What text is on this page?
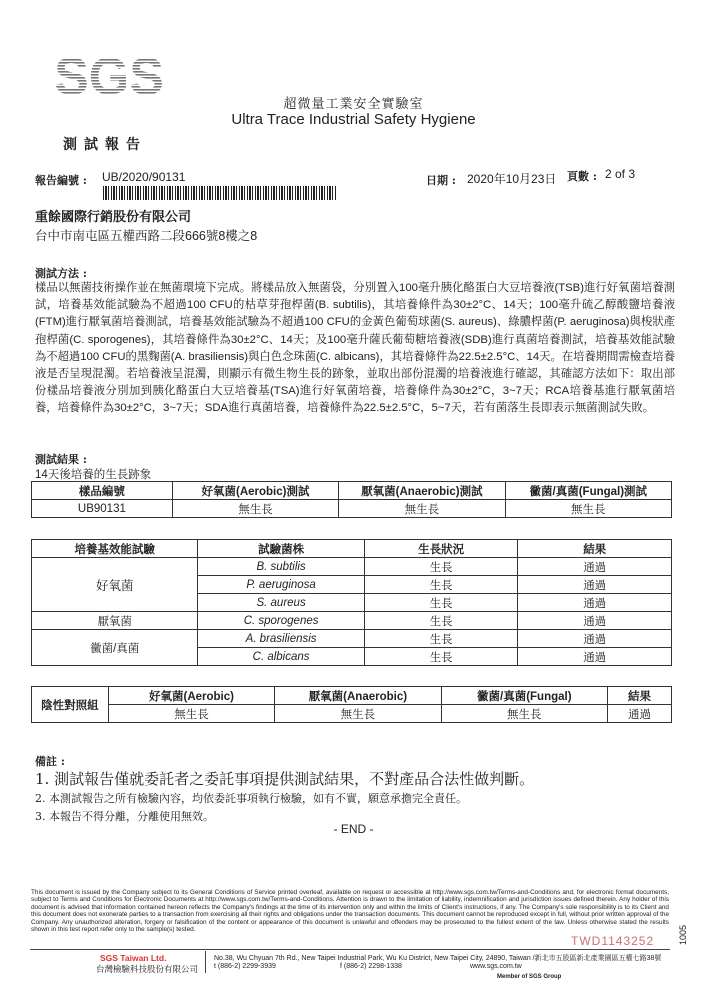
SGS	超微量工業安全實驗室
Ultra Trace Industrial Safety Hygiene
測試報告
報告編號 : UB/2020/90131	日期 : 2020年10月23日 頁數 : 2 of 3
重餘國際行銷股份有限公司
台中市南屯區五權西路二段666號8樓之8
測試方法 :
樣品以無菌技術操作並在無菌環境下完成。將樣品放入無菌袋，分別置入100毫升胰化酪蛋白大豆培養液(TSB)進行好氧菌培養測試，培養基效能試驗為不超過100 CFU的枯草芽孢桿菌(B. subtilis)，其培養條件為30±2°C、14天；100毫升硫乙醇酸鹽培養液(FTM)進行厭氧菌培養測試，培養基效能試驗為不超過100 CFU的金黃色葡萄球菌(S. aureus)、綠膿桿菌(P. aeruginosa)與梭狀產孢桿菌(C. sporogenes)，其培養條件為30±2°C、14天；及100毫升薩氏葡萄糖培養液(SDB)進行真菌培養測試，培養基效能試驗為不超過100 CFU的黑麴菌(A. brasiliensis)與白色念珠菌(C. albicans)，其培養條件為22.5±2.5°C、14天。在培養期間需檢查培養液是否呈現混濁。若培養液呈混濁，則顯示有微生物生長的跡象，並取出部份混濁的培養液進行確認，其確認方法如下：取出部份樣品培養液分別加到胰化酪蛋白大豆培養基(TSA)進行好氧菌培養，培養條件為30±2°C，3~7天；RCA培養基進行厭氧菌培養，培養條件為30±2°C，3~7天；SDA進行真菌培養，培養條件為22.5±2.5°C，5~7天，若有菌落生長即表示無菌測試失敗。
測試結果 :
14天後培養的生長跡象
樣品編號	好氧菌(Aerobic)測試	厭氧菌(Anaerobic)測試	黴菌/真菌(Fungal)測試
UB90131	無生長	無生長	無生長
培養基效能試驗	試驗菌株	生長狀況	結果
好氧菌	B. subtilis	生長	通過
	P. aeruginosa	生長	通過
	S. aureus	生長	通過
厭氧菌	C. sporogenes	生長	通過
黴菌/真菌	A. brasiliensis	生長	通過
	C. albicans	生長	通過
陰性對照組	好氧菌(Aerobic)	厭氧菌(Anaerobic)	黴菌/真菌(Fungal)	結果
	無生長	無生長	無生長	通過
備註 :
1. 測試報告僅就委託者之委託事項提供測試結果，不對產品合法性做判斷。
2. 本測試報告之所有檢驗內容，均依委託事項執行檢驗，如有不實，願意承擔完全責任。
3. 本報告不得分離，分離使用無效。
- END -
This document is issued by the Company subject to its General Conditions of Service printed overleaf, available on request or accessible at http://www.sgs.com.tw/Terms-and-Conditions and, for electronic format documents, subject to Terms and Conditions for Electronic Documents at http://www.sgs.com.tw/Terms-and-Conditions. Attention is drawn to the limitation of liability, indemnification and jurisdiction issues defined therein. Any holder of this document is advised that information contained hereon reflects the Company's findings at the time of its intervention only and within the limits of Client's instructions, if any. The Company's sole responsibility is to its Client and this document does not exonerate parties to a transaction from exercising all their rights and obligations under the transaction documents. This document cannot be reproduced except in full, without prior written approval of the Company. Any unauthorized alteration, forgery or falsification of the content or appearance of this document is unlawful and offenders may be prosecuted to the fullest extent of the law. Unless otherwise stated the results shown in this test report refer only to the sample(s) tested.
TWD1143252	1005
SGS Taiwan Ltd.
台灣檢驗科技股份有限公司
No.38, Wu Chyuan 7th Rd., New Taipei Industrial Park, Wu Ku District, New Taipei City, 24890, Taiwan /新北市五股區新北產業園區五權七路38號
t (886-2) 2299-3939	f (886-2) 2298-1338	www.sgs.com.tw
Member of SGS Group
